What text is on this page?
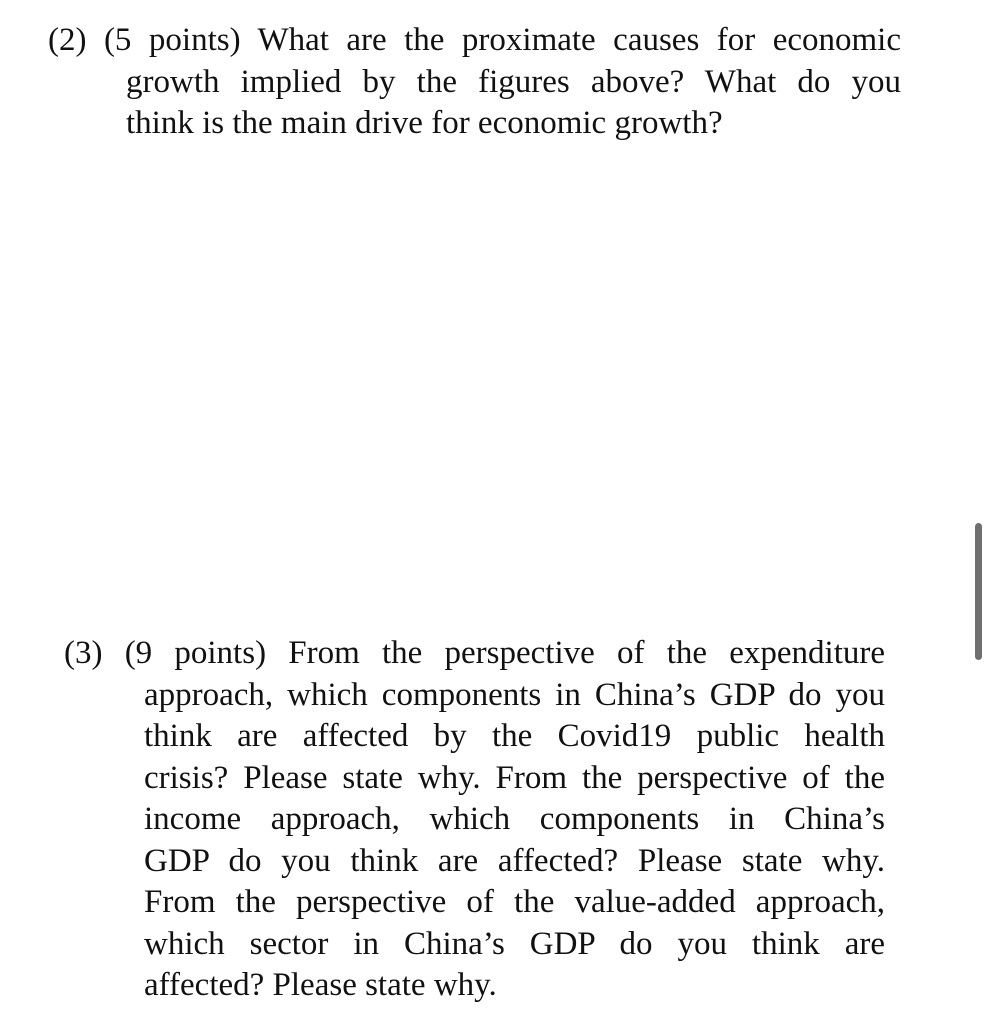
(2) (5 points) What are the proximate causes for economic
growth implied by the figures above? What do you
think is the main drive for economic growth?
(3) (9 points) From the perspective of the expenditure
approach, which components in China’s GDP do you
think are affected by the Covid19 public health
crisis? Please state why. From the perspective of the
income approach, which components in China’s
GDP do you think are affected? Please state why.
From the perspective of the value-added approach,
which sector in China’s GDP do you think are
affected? Please state why.
